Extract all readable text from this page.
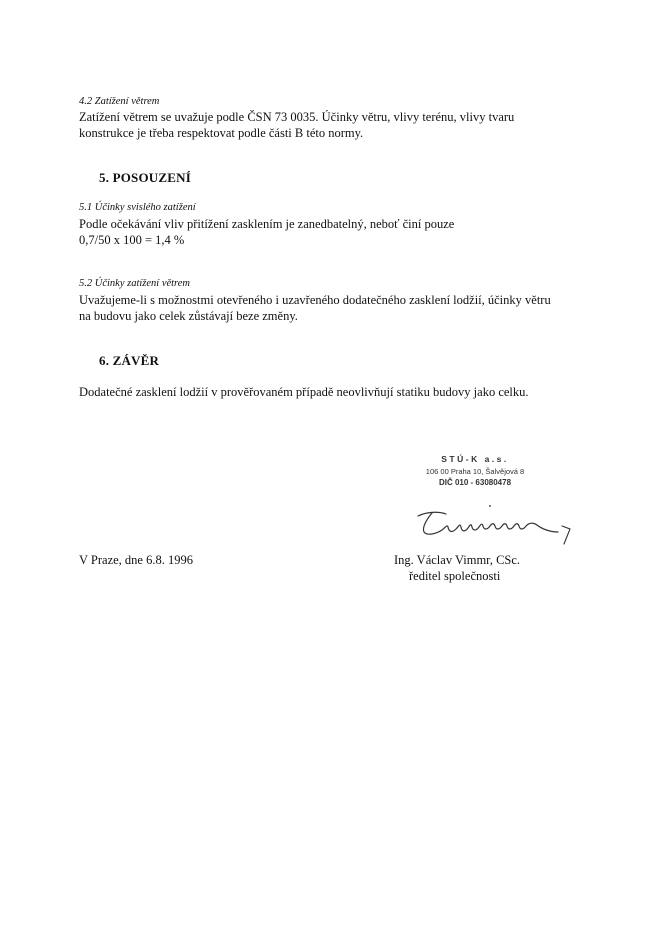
4.2 Zatížení větrem

Zatížení větrem se uvažuje podle ČSN 73 0035. Účinky větru, vlivy terénu, vlivy tvaru

konstrukce je třeba respektovat podle části B této normy.

5. POSOUZENÍ

5.1 Účinky svislého zatížení

Podle očekávání vliv přitížení zasklením je zanedbatelný, neboť činí pouze

0,7/50 x 100 = 1,4 %

5.2 Účinky zatížení větrem

Uvažujeme-li s možnostmi otevřeného i uzavřeného dodatečného zasklení lodžií, účinky větru

na budovu jako celek zůstávají beze změny.

6. ZÁVĚR

Dodatečné zasklení lodžií v prověřovaném případě neovlivňují statiku budovy jako celku.

STÚ-K a.s.
106 00 Praha 10, Šalvějová 8
DIČ 010 - 63080478

V Praze, dne 6.8. 1996	Ing. Václav Vimmr, CSc.

ředitel společnosti
